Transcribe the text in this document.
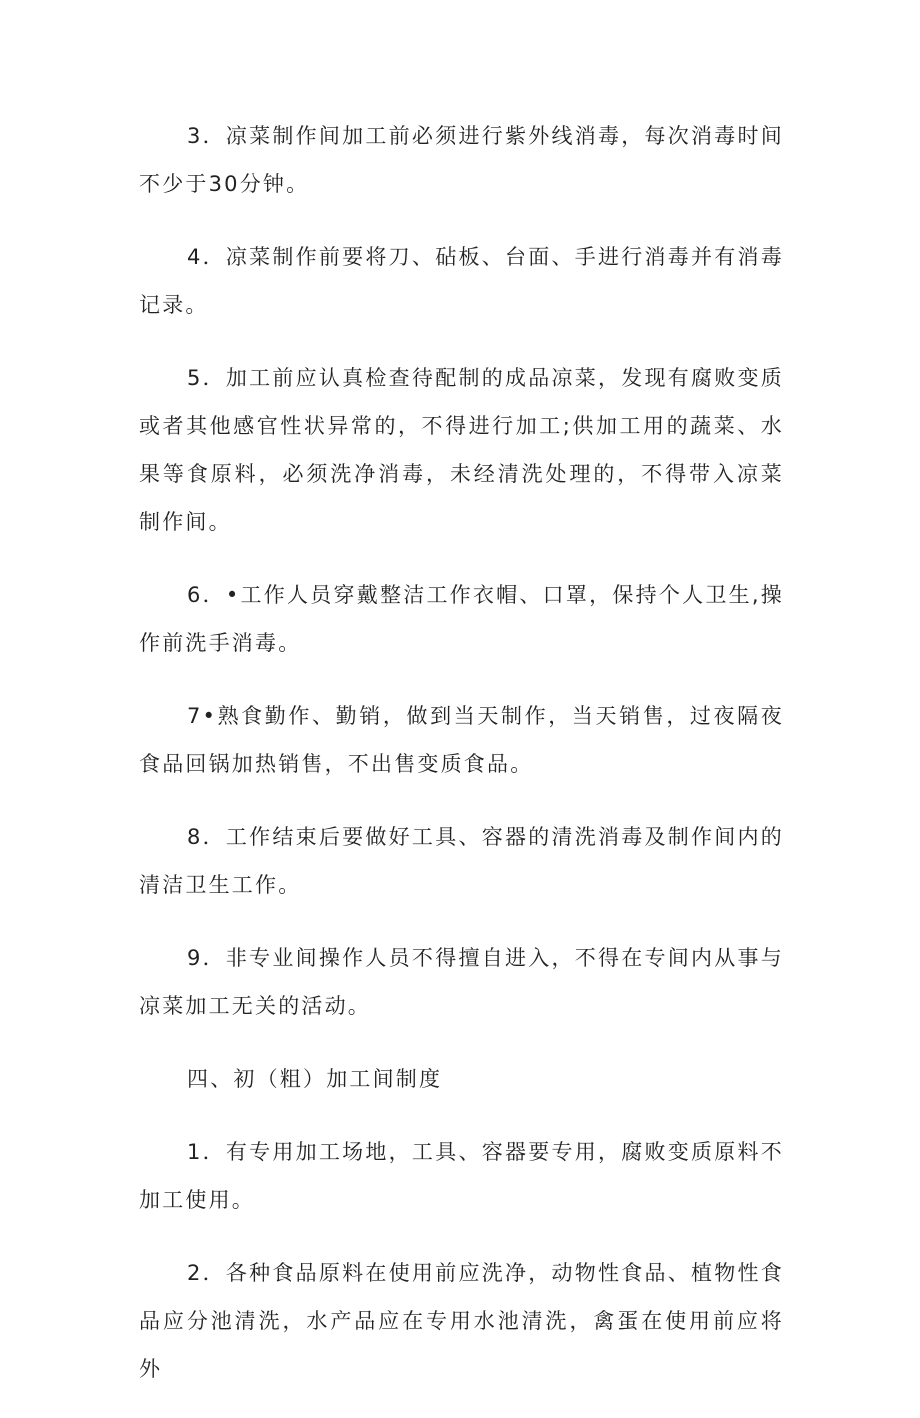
3．凉菜制作间加工前必须进行紫外线消毒，每次消毒时间不少于30分钟。

4．凉菜制作前要将刀、砧板、台面、手进行消毒并有消毒记录。

5．加工前应认真检查待配制的成品凉菜，发现有腐败变质或者其他感官性状异常的，不得进行加工;供加工用的蔬菜、水果等食原料，必须洗净消毒，未经清洗处理的，不得带入凉菜制作间。

6．•工作人员穿戴整洁工作衣帽、口罩，保持个人卫生,操作前洗手消毒。

7•熟食勤作、勤销，做到当天制作，当天销售，过夜隔夜食品回锅加热销售，不出售变质食品。

8．工作结束后要做好工具、容器的清洗消毒及制作间内的清洁卫生工作。

9．非专业间操作人员不得擅自进入，不得在专间内从事与凉菜加工无关的活动。

四、初（粗）加工间制度

1．有专用加工场地，工具、容器要专用，腐败变质原料不加工使用。

2．各种食品原料在使用前应洗净，动物性食品、植物性食品应分池清洗，水产品应在专用水池清洗，禽蛋在使用前应将外
